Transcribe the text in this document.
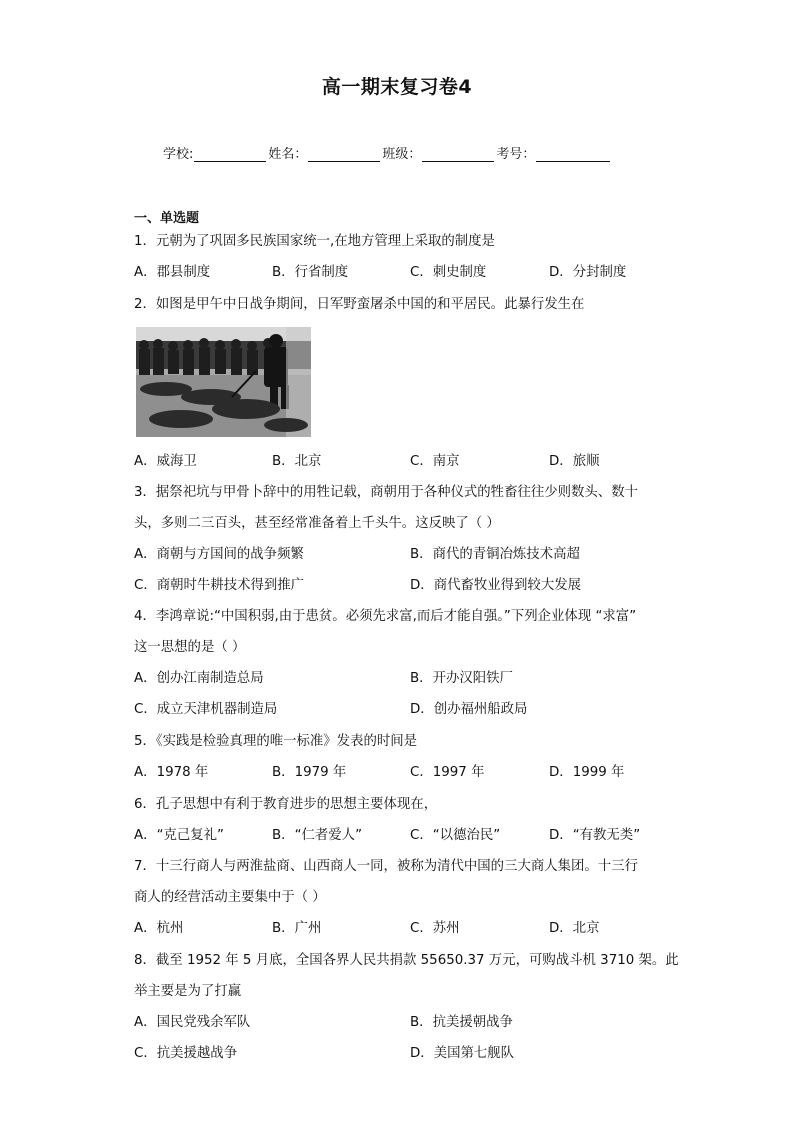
高一期末复习卷4
学校:	姓名：	班级：	考号：
一、单选题
1．元朝为了巩固多民族国家统一,在地方管理上采取的制度是
A．郡县制度	B．行省制度	C．刺史制度	D．分封制度
2．如图是甲午中日战争期间，日军野蛮屠杀中国的和平居民。此暴行发生在
A．威海卫	B．北京	C．南京	D．旅顺
3．据祭祀坑与甲骨卜辞中的用牲记载，商朝用于各种仪式的牲畜往往少则数头、数十
头，多则二三百头，甚至经常准备着上千头牛。这反映了（ ）
A．商朝与方国间的战争频繁	B．商代的青铜冶炼技术高超
C．商朝时牛耕技术得到推广	D．商代畜牧业得到较大发展
4．李鸿章说:“中国积弱,由于患贫。必须先求富,而后才能自强。”下列企业体现 “求富”
这一思想的是（ ）
A．创办江南制造总局	B．开办汉阳铁厂
C．成立天津机器制造局	D．创办福州船政局
5．《实践是检验真理的唯一标准》发表的时间是
A．1978 年	B．1979 年	C．1997 年	D．1999 年
6．孔子思想中有利于教育进步的思想主要体现在，
A．“克己复礼”	B．“仁者爱人”	C．“以德治民”	D．“有教无类”
7．十三行商人与两淮盐商、山西商人一同，被称为清代中国的三大商人集团。十三行
商人的经营活动主要集中于（ ）
A．杭州	B．广州	C．苏州	D．北京
8．截至 1952 年 5 月底，全国各界人民共捐款 55650.37 万元，可购战斗机 3710 架。此
举主要是为了打赢
A．国民党残余军队	B．抗美援朝战争
C．抗美援越战争	D．美国第七舰队
